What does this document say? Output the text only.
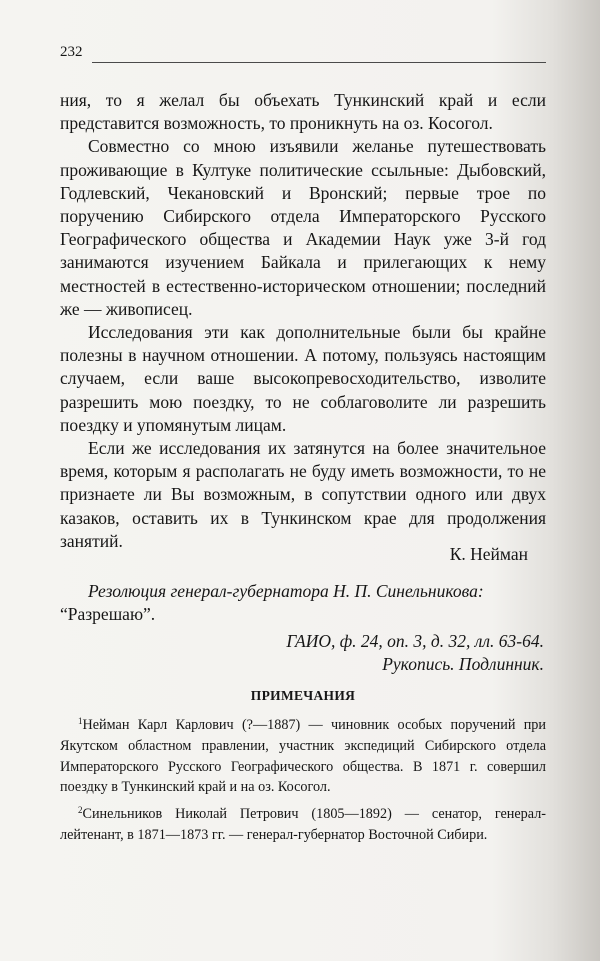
232

ния, то я желал бы объехать Тункинский край и если представится возможность, то проникнуть на оз. Косогол.

Совместно со мною изъявили желанье путешествовать проживающие в Култуке политические ссыльные: Дыбовский, Годлевский, Чекановский и Вронский; первые трое по поручению Сибирского отдела Императорского Русского Географического общества и Академии Наук уже 3-й год занимаются изучением Байкала и прилегающих к нему местностей в естественно-историческом отношении; последний же — живописец.

Исследования эти как дополнительные были бы крайне полезны в научном отношении. А потому, пользуясь настоящим случаем, если ваше высокопревосходительство, изволите разрешить мою поездку, то не соблаговолите ли разрешить поездку и упомянутым лицам.

Если же исследования их затянутся на более значительное время, которым я располагать не буду иметь возможности, то не признаете ли Вы возможным, в сопутствии одного или двух казаков, оставить их в Тункинском крае для продолжения занятий.

К. Нейман

Резолюция генерал-губернатора Н. П. Синельникова:

“Разрешаю”.

ГАИО, ф. 24, оп. 3, д. 32, лл. 63-64.
Рукопись. Подлинник.
ПРИМЕЧАНИЯ

$^1$Нейман Карл Карлович (?—1887) — чиновник особых поручений при Якутском областном правлении, участник экспедиций Сибирского отдела Императорского Русского Географического общества. В 1871 г. совершил поездку в Тункинский край и на оз. Косогол.

$^2$Синельников Николай Петрович (1805—1892) — сенатор, генерал-лейтенант, в 1871—1873 гг. — генерал-губернатор Восточной Сибири.
